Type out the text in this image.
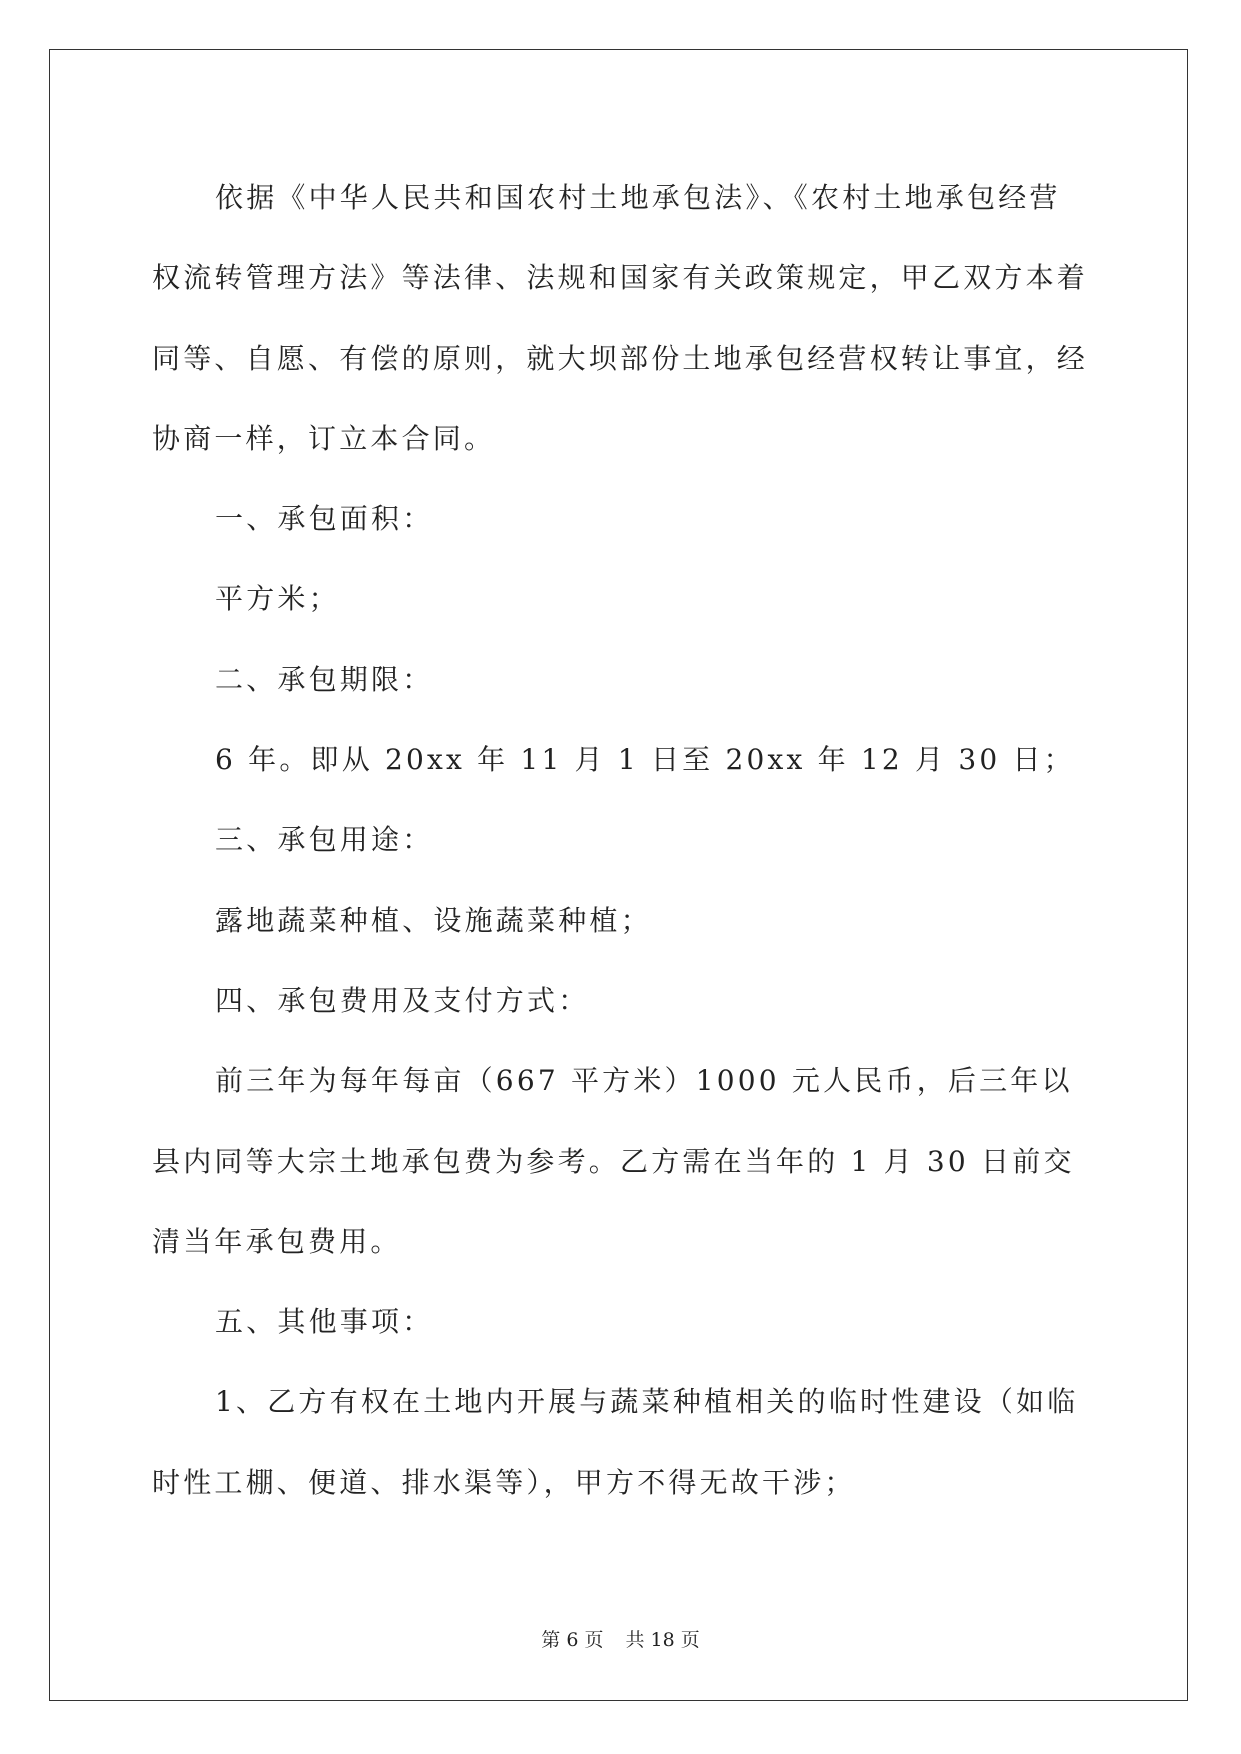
依据《中华人民共和国农村土地承包法》、《农村土地承包经营权流转管理方法》等法律、法规和国家有关政策规定，甲乙双方本着同等、自愿、有偿的原则，就大坝部份土地承包经营权转让事宜，经协商一样，订立本合同。

一、承包面积：

平方米；

二、承包期限：

6 年。即从 20xx 年 11 月 1 日至 20xx 年 12 月 30 日；

三、承包用途：

露地蔬菜种植、设施蔬菜种植；

四、承包费用及支付方式：

前三年为每年每亩（667 平方米）1000 元人民币，后三年以县内同等大宗土地承包费为参考。乙方需在当年的 1 月 30 日前交清当年承包费用。

五、其他事项：

1、乙方有权在土地内开展与蔬菜种植相关的临时性建设（如临时性工棚、便道、排水渠等），甲方不得无故干涉；

第 6 页 共 18 页
